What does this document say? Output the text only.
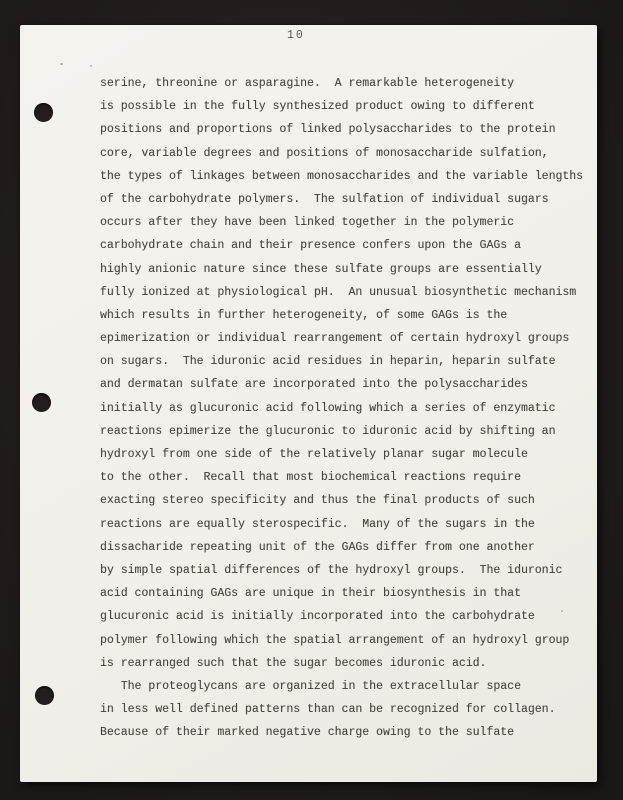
10
serine, threonine or asparagine.  A remarkable heterogeneity
is possible in the fully synthesized product owing to different
positions and proportions of linked polysaccharides to the protein
core, variable degrees and positions of monosaccharide sulfation,
the types of linkages between monosaccharides and the variable lengths
of the carbohydrate polymers.  The sulfation of individual sugars
occurs after they have been linked together in the polymeric
carbohydrate chain and their presence confers upon the GAGs a
highly anionic nature since these sulfate groups are essentially
fully ionized at physiological pH.  An unusual biosynthetic mechanism
which results in further heterogeneity, of some GAGs is the
epimerization or individual rearrangement of certain hydroxyl groups
on sugars.  The iduronic acid residues in heparin, heparin sulfate
and dermatan sulfate are incorporated into the polysaccharides
initially as glucuronic acid following which a series of enzymatic
reactions epimerize the glucuronic to iduronic acid by shifting an
hydroxyl from one side of the relatively planar sugar molecule
to the other.  Recall that most biochemical reactions require
exacting stereo specificity and thus the final products of such
reactions are equally sterospecific.  Many of the sugars in the
dissacharide repeating unit of the GAGs differ from one another
by simple spatial differences of the hydroxyl groups.  The iduronic
acid containing GAGs are unique in their biosynthesis in that
glucuronic acid is initially incorporated into the carbohydrate
polymer following which the spatial arrangement of an hydroxyl group
is rearranged such that the sugar becomes iduronic acid.
The proteoglycans are organized in the extracellular space
in less well defined patterns than can be recognized for collagen.
Because of their marked negative charge owing to the sulfate
